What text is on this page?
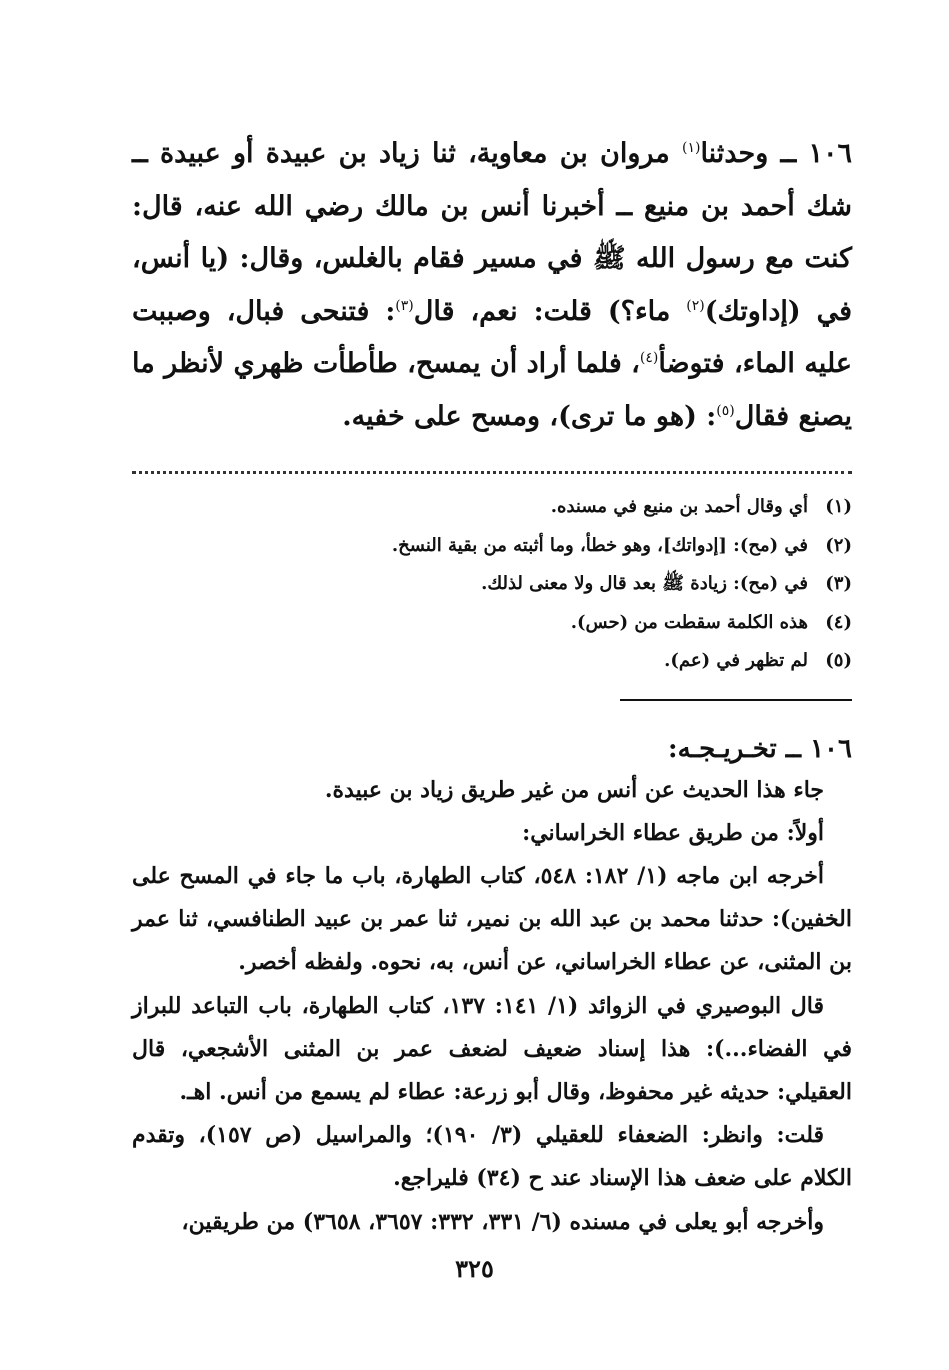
١٠٦ ــ وحدثنا$^{(١)}$ مروان بن معاوية، ثنا زياد بن عبيدة أو عبيدة ــ شك أحمد بن منيع ــ أخبرنا أنس بن مالك رضي الله عنه، قال: كنت مع رسول الله ﷺ في مسير فقام بالغلس، وقال: (يا أنس، في (إداوتك)$^{(٢)}$ ماء؟) قلت: نعم، قال$^{(٣)}$: فتنحى فبال، وصببت عليه الماء، فتوضأ$^{(٤)}$، فلما أراد أن يمسح، طأطأت ظهري لأنظر ما يصنع فقال$^{(٥)}$: (هو ما ترى)، ومسح على خفيه.

(١)
أي وقال أحمد بن منيع في مسنده.
(٢)
في (مح): [إدواتك]، وهو خطأ، وما أثبته من بقية النسخ.
(٣)
في (مح): زيادة ﷺ بعد قال ولا معنى لذلك.
(٤)
هذه الكلمة سقطت من (حس).
(٥)
لم تظهر في (عم).
١٠٦ ــ تخـريـجـه:

جاء هذا الحديث عن أنس من غير طريق زياد بن عبيدة.

أولاً: من طريق عطاء الخراساني:

أخرجه ابن ماجه (١/ ١٨٢: ٥٤٨، كتاب الطهارة، باب ما جاء في المسح على الخفين): حدثنا محمد بن عبد الله بن نمير، ثنا عمر بن عبيد الطنافسي، ثنا عمر بن المثنى، عن عطاء الخراساني، عن أنس، به، نحوه. ولفظه أخصر.

قال البوصيري في الزوائد (١/ ١٤١: ١٣٧، كتاب الطهارة، باب التباعد للبراز في الفضاء...): هذا إسناد ضعيف لضعف عمر بن المثنى الأشجعي، قال العقيلي: حديثه غير محفوظ، وقال أبو زرعة: عطاء لم يسمع من أنس. اهـ.

قلت: وانظر: الضعفاء للعقيلي (٣/ ١٩٠)؛ والمراسيل (ص ١٥٧)، وتقدم الكلام على ضعف هذا الإسناد عند ح (٣٤) فليراجع.

وأخرجه أبو يعلى في مسنده (٦/ ٣٣١، ٣٣٢: ٣٦٥٧، ٣٦٥٨) من طريقين،

٣٢٥
